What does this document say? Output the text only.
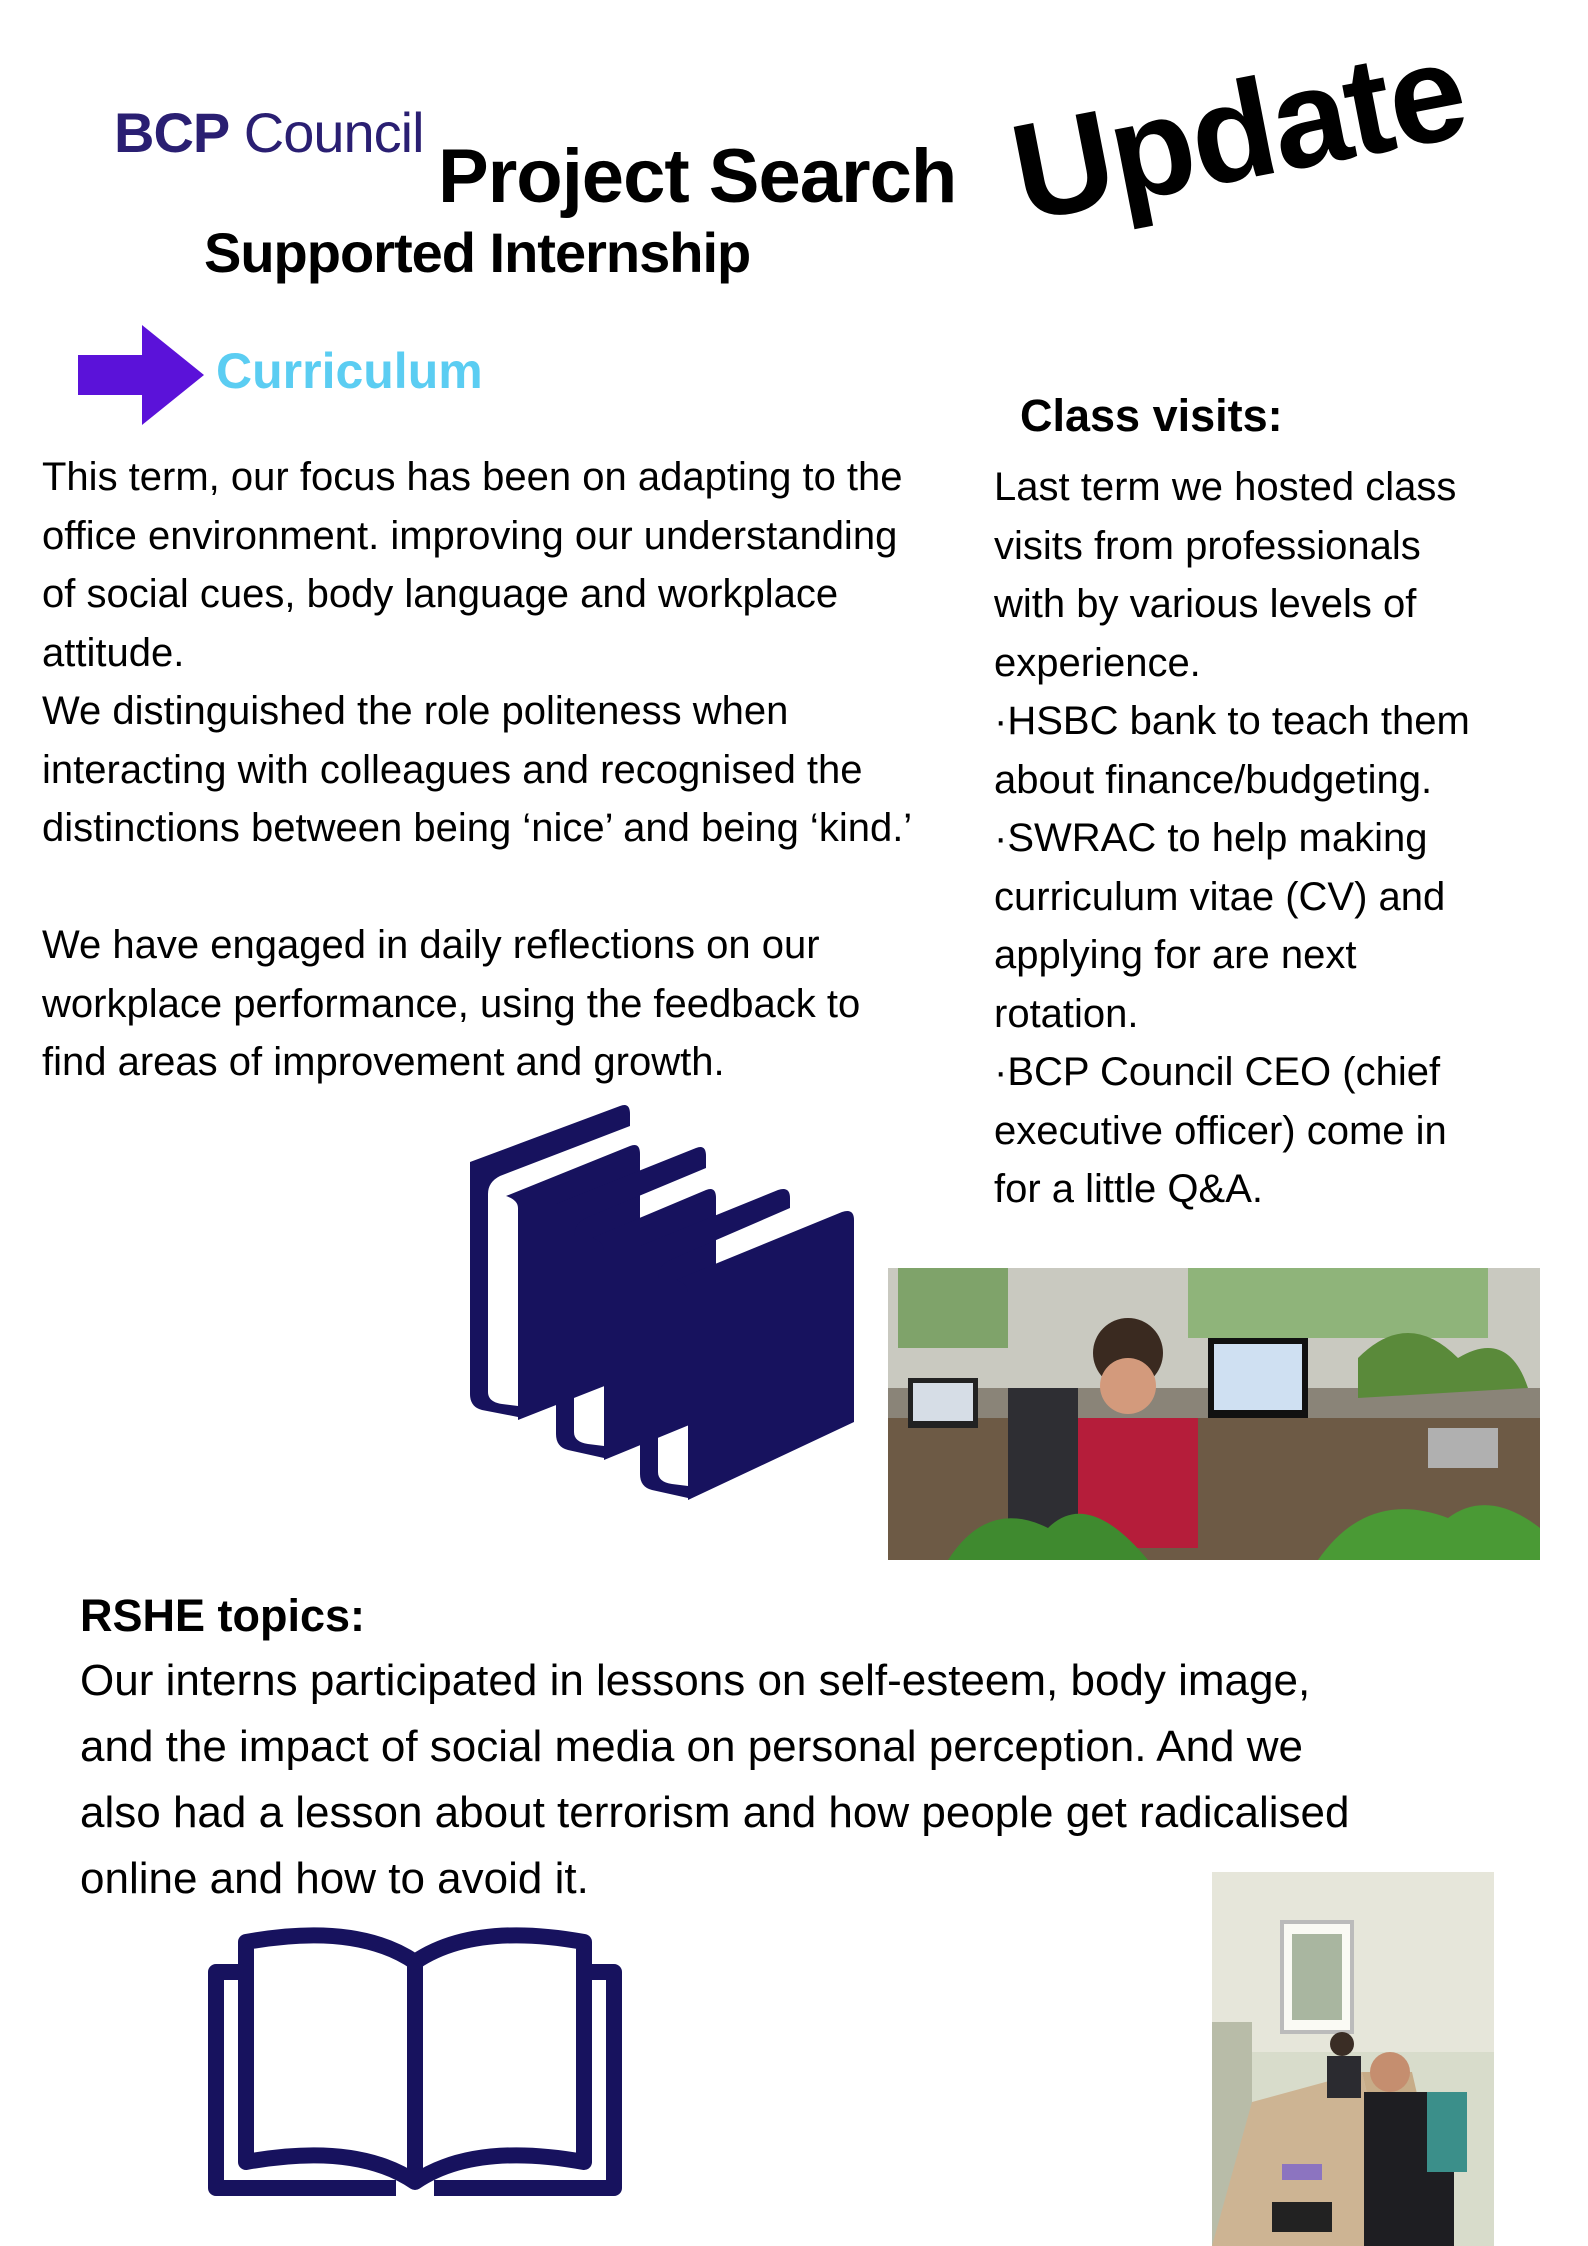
BCP Council
Project Search
Supported Internship
Update
Curriculum

This term, our focus has been on adapting to the

office environment. improving our understanding

of social cues, body language and workplace

attitude.

We distinguished the role politeness when

interacting with colleagues and recognised the

distinctions between being ‘nice’ and being ‘kind.’

We have engaged in daily reflections on our

workplace performance, using the feedback to

find areas of improvement and growth.

Class visits:

Last term we hosted class

visits from professionals

with by various levels of

experience.

·HSBC bank to teach them

about finance/budgeting.

·SWRAC to help making

curriculum vitae (CV) and

applying for are next

rotation.

·BCP Council CEO (chief

executive officer) come in

for a little Q&A.

RSHE topics:
Our interns participated in lessons on self-esteem, body image,
and the impact of social media on personal perception. And we
also had a lesson about terrorism and how people get radicalised
online and how to avoid it.
